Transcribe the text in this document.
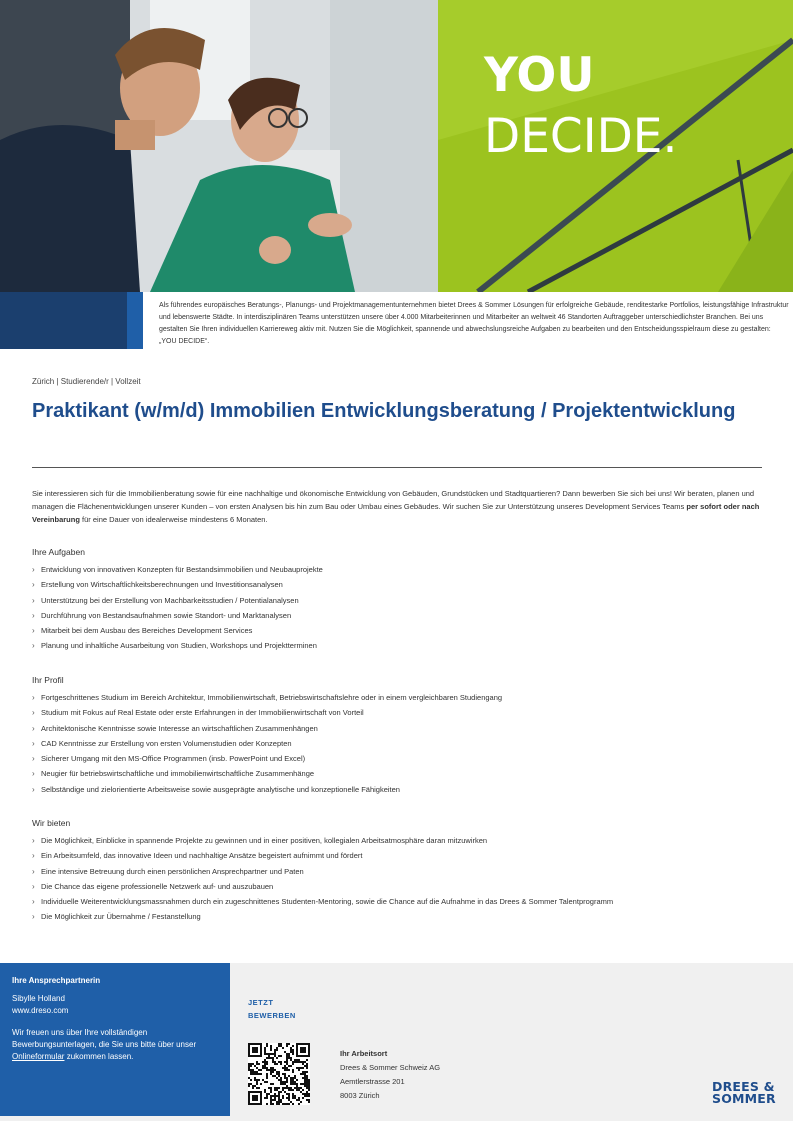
YOU
DECIDE.

Als führendes europäisches Beratungs-, Planungs- und Projektmanagementunternehmen bietet Drees & Sommer Lösungen für erfolgreiche Gebäude, renditestarke Portfolios, leistungsfähige Infrastruktur und lebenswerte Städte. In interdisziplinären Teams unterstützen unsere über 4.000 Mitarbeiterinnen und Mitarbeiter an weltweit 46 Standorten Auftraggeber unterschiedlichster Branchen. Bei uns gestalten Sie Ihren individuellen Karriereweg aktiv mit. Nutzen Sie die Möglichkeit, spannende und abwechslungsreiche Aufgaben zu bearbeiten und den Entscheidungsspielraum diese zu gestalten: „YOU DECIDE“.

Zürich | Studierende/r | Vollzeit
Praktikant (w/m/d) Immobilien Entwicklungsberatung / Projektentwicklung

Sie interessieren sich für die Immobilienberatung sowie für eine nachhaltige und ökonomische Entwicklung von Gebäuden, Grundstücken und Stadtquartieren? Dann bewerben Sie sich bei uns! Wir beraten, planen und managen die Flächenentwicklungen unserer Kunden – von ersten Analysen bis hin zum Bau oder Umbau eines Gebäudes. Wir suchen Sie zur Unterstützung unseres Development Services Teams per sofort oder nach Vereinbarung für eine Dauer von idealerweise mindestens 6 Monaten.

Ihre Aufgaben
› Entwicklung von innovativen Konzepten für Bestandsimmobilien und Neubauprojekte
› Erstellung von Wirtschaftlichkeitsberechnungen und Investitionsanalysen
› Unterstützung bei der Erstellung von Machbarkeitsstudien / Potentialanalysen
› Durchführung von Bestandsaufnahmen sowie Standort- und Marktanalysen
› Mitarbeit bei dem Ausbau des Bereiches Development Services
› Planung und inhaltliche Ausarbeitung von Studien, Workshops und Projektterminen
Ihr Profil
› Fortgeschrittenes Studium im Bereich Architektur, Immobilienwirtschaft, Betriebswirtschaftslehre oder in einem vergleichbaren Studiengang
› Studium mit Fokus auf Real Estate oder erste Erfahrungen in der Immobilienwirtschaft von Vorteil
› Architektonische Kenntnisse sowie Interesse an wirtschaftlichen Zusammenhängen
› CAD Kenntnisse zur Erstellung von ersten Volumenstudien oder Konzepten
› Sicherer Umgang mit den MS-Office Programmen (insb. PowerPoint und Excel)
› Neugier für betriebswirtschaftliche und immobilienwirtschaftliche Zusammenhänge
› Selbständige und zielorientierte Arbeitsweise sowie ausgeprägte analytische und konzeptionelle Fähigkeiten
Wir bieten
› Die Möglichkeit, Einblicke in spannende Projekte zu gewinnen und in einer positiven, kollegialen Arbeitsatmosphäre daran mitzuwirken
› Ein Arbeitsumfeld, das innovative Ideen und nachhaltige Ansätze begeistert aufnimmt und fördert
› Eine intensive Betreuung durch einen persönlichen Ansprechpartner und Paten
› Die Chance das eigene professionelle Netzwerk auf- und auszubauen
› Individuelle Weiterentwicklungsmassnahmen durch ein zugeschnittenes Studenten-Mentoring, sowie die Chance auf die Aufnahme in das Drees & Sommer Talentprogramm
› Die Möglichkeit zur Übernahme / Festanstellung
Ihre Ansprechpartnerin
Sibylle Holland
www.dreso.com
Wir freuen uns über Ihre vollständigen Bewerbungsunterlagen, die Sie uns bitte über unser Onlineformular zukommen lassen.
JETZT
BEWERBEN
Ihr Arbeitsort
Drees & Sommer Schweiz AG
Aemtlerstrasse 201
8003 Zürich
DREES &
SOMMER
